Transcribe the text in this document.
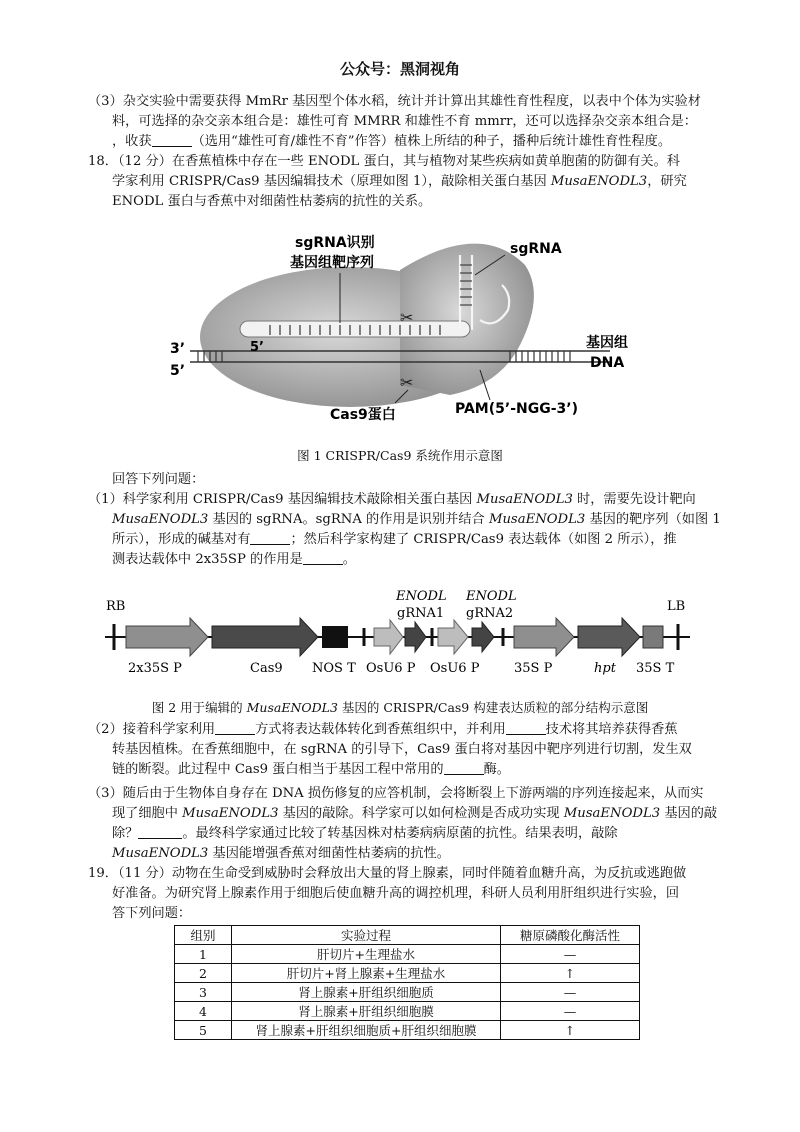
公众号：黑洞视角
（3）杂交实验中需要获得 MmRr 基因型个体水稻，统计并计算出其雄性育性程度，以表中个体为实验材
料，可选择的杂交亲本组合是：雄性可育 MMRR 和雄性不育 mmrr，还可以选择杂交亲本组合是：
，收获	（选用“雄性可育/雄性不育”作答）植株上所结的种子，播种后统计雄性育性程度。
18．（12 分）在香蕉植株中存在一些 ENODL 蛋白，其与植物对某些疾病如黄单胞菌的防御有关。科
学家利用 CRISPR/Cas9 基因编辑技术（原理如图 1），敲除相关蛋白基因 MusaENODL3，研究
ENODL 蛋白与香蕉中对细菌性枯萎病的抗性的关系。
✂
✂
sgRNA识别
基因组靶序列
sgRNA
3’
5’
5’	基因组
DNA
Cas9蛋白	PAM(5’-NGG-3’)
图 1 CRISPR/Cas9 系统作用示意图
回答下列问题：
（1）科学家利用 CRISPR/Cas9 基因编辑技术敲除相关蛋白基因 MusaENODL3 时，需要先设计靶向
MusaENODL3 基因的 sgRNA。sgRNA 的作用是识别并结合 MusaENODL3 基因的靶序列（如图 1
所示），形成的碱基对有	；然后科学家构建了 CRISPR/Cas9 表达载体（如图 2 所示），推
测表达载体中 2x35SP 的作用是	。
RB	LB
ENODL
gRNA1
ENODL
gRNA2
2x35S P	Cas9 NOS T OsU6 P OsU6 P	35S P	hpt 35S T
图 2 用于编辑的 MusaENODL3 基因的 CRISPR/Cas9 构建表达质粒的部分结构示意图
（2）接着科学家利用	方式将表达载体转化到香蕉组织中，并利用	技术将其培养获得香蕉
转基因植株。在香蕉细胞中，在 sgRNA 的引导下，Cas9 蛋白将对基因中靶序列进行切割，发生双
链的断裂。此过程中 Cas9 蛋白相当于基因工程中常用的	酶。
（3）随后由于生物体自身存在 DNA 损伤修复的应答机制，会将断裂上下游两端的序列连接起来，从而实
现了细胞中 MusaENODL3 基因的敲除。科学家可以如何检测是否成功实现 MusaENODL3 基因的敲
除？	。最终科学家通过比较了转基因株对枯萎病病原菌的抗性。结果表明，敲除
MusaENODL3 基因能增强香蕉对细菌性枯萎病的抗性。
19．（11 分）动物在生命受到威胁时会释放出大量的肾上腺素，同时伴随着血糖升高，为反抗或逃跑做
好准备。为研究肾上腺素作用于细胞后使血糖升高的调控机理，科研人员利用肝组织进行实验，回
答下列问题：
组别	实验过程	糖原磷酸化酶活性
1	肝切片+生理盐水	—
2	肝切片+肾上腺素+生理盐水	↑
3	肾上腺素+肝组织细胞质	—
4	肾上腺素+肝组织细胞膜	—
5	肾上腺素+肝组织细胞质+肝组织细胞膜	↑
